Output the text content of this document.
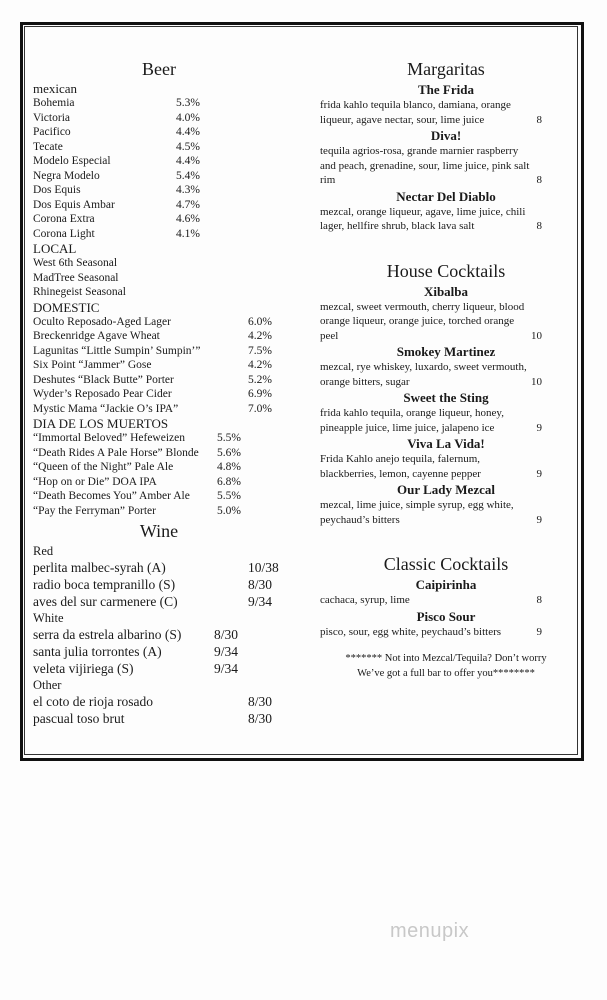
Beer
mexican
Bohemia	5.3%
Victoria	4.0%
Pacifico	4.4%
Tecate	4.5%
Modelo Especial	4.4%
Negra Modelo	5.4%
Dos Equis	4.3%
Dos Equis Ambar	4.7%
Corona Extra	4.6%
Corona Light	4.1%
LOCAL
West 6th Seasonal
MadTree Seasonal
Rhinegeist Seasonal
DOMESTIC
Oculto Reposado-Aged Lager	6.0%
Breckenridge Agave Wheat	4.2%
Lagunitas “Little Sumpin’ Sumpin’”	7.5%
Six Point “Jammer” Gose	4.2%
Deshutes “Black Butte” Porter	5.2%
Wyder’s Reposado Pear Cider	6.9%
Mystic Mama “Jackie O’s IPA”	7.0%
DIA DE LOS MUERTOS
“Immortal Beloved” Hefeweizen	5.5%
“Death Rides A Pale Horse” Blonde	5.6%
“Queen of the Night” Pale Ale	4.8%
“Hop on or Die” DOA IPA	6.8%
“Death Becomes You” Amber Ale	5.5%
“Pay the Ferryman” Porter	5.0%
Wine
Red
perlita malbec-syrah (A)	10/38
radio boca tempranillo (S)	8/30
aves del sur carmenere (C)	9/34
White
serra da estrela albarino (S)	8/30
santa julia torrontes (A)	9/34
veleta vijiriega (S)	9/34
Other
el coto de rioja rosado	8/30
pascual toso brut	8/30
Margaritas
The Frida
frida kahlo tequila blanco, damiana, orange
liqueur, agave nectar, sour, lime juice	8
Diva!
tequila agrios-rosa, grande marnier raspberry
and peach, grenadine, sour, lime juice, pink salt
rim	8
Nectar Del Diablo
mezcal, orange liqueur, agave, lime juice, chili
lager, hellfire shrub, black lava salt	8
House Cocktails
Xibalba
mezcal, sweet vermouth, cherry liqueur, blood
orange liqueur, orange juice, torched orange
peel	10
Smokey Martinez
mezcal, rye whiskey, luxardo, sweet vermouth,
orange bitters, sugar	10
Sweet the Sting
frida kahlo tequila, orange liqueur, honey,
pineapple juice, lime juice, jalapeno ice	9
Viva La Vida!
Frida Kahlo anejo tequila, falernum,
blackberries, lemon, cayenne pepper	9
Our Lady Mezcal
mezcal, lime juice, simple syrup, egg white,
peychaud’s bitters	9
Classic Cocktails
Caipirinha
cachaca, syrup, lime	8
Pisco Sour
pisco, sour, egg white, peychaud’s bitters	9
******* Not into Mezcal/Tequila? Don’t worry
We’ve got a full bar to offer you********
menupix
